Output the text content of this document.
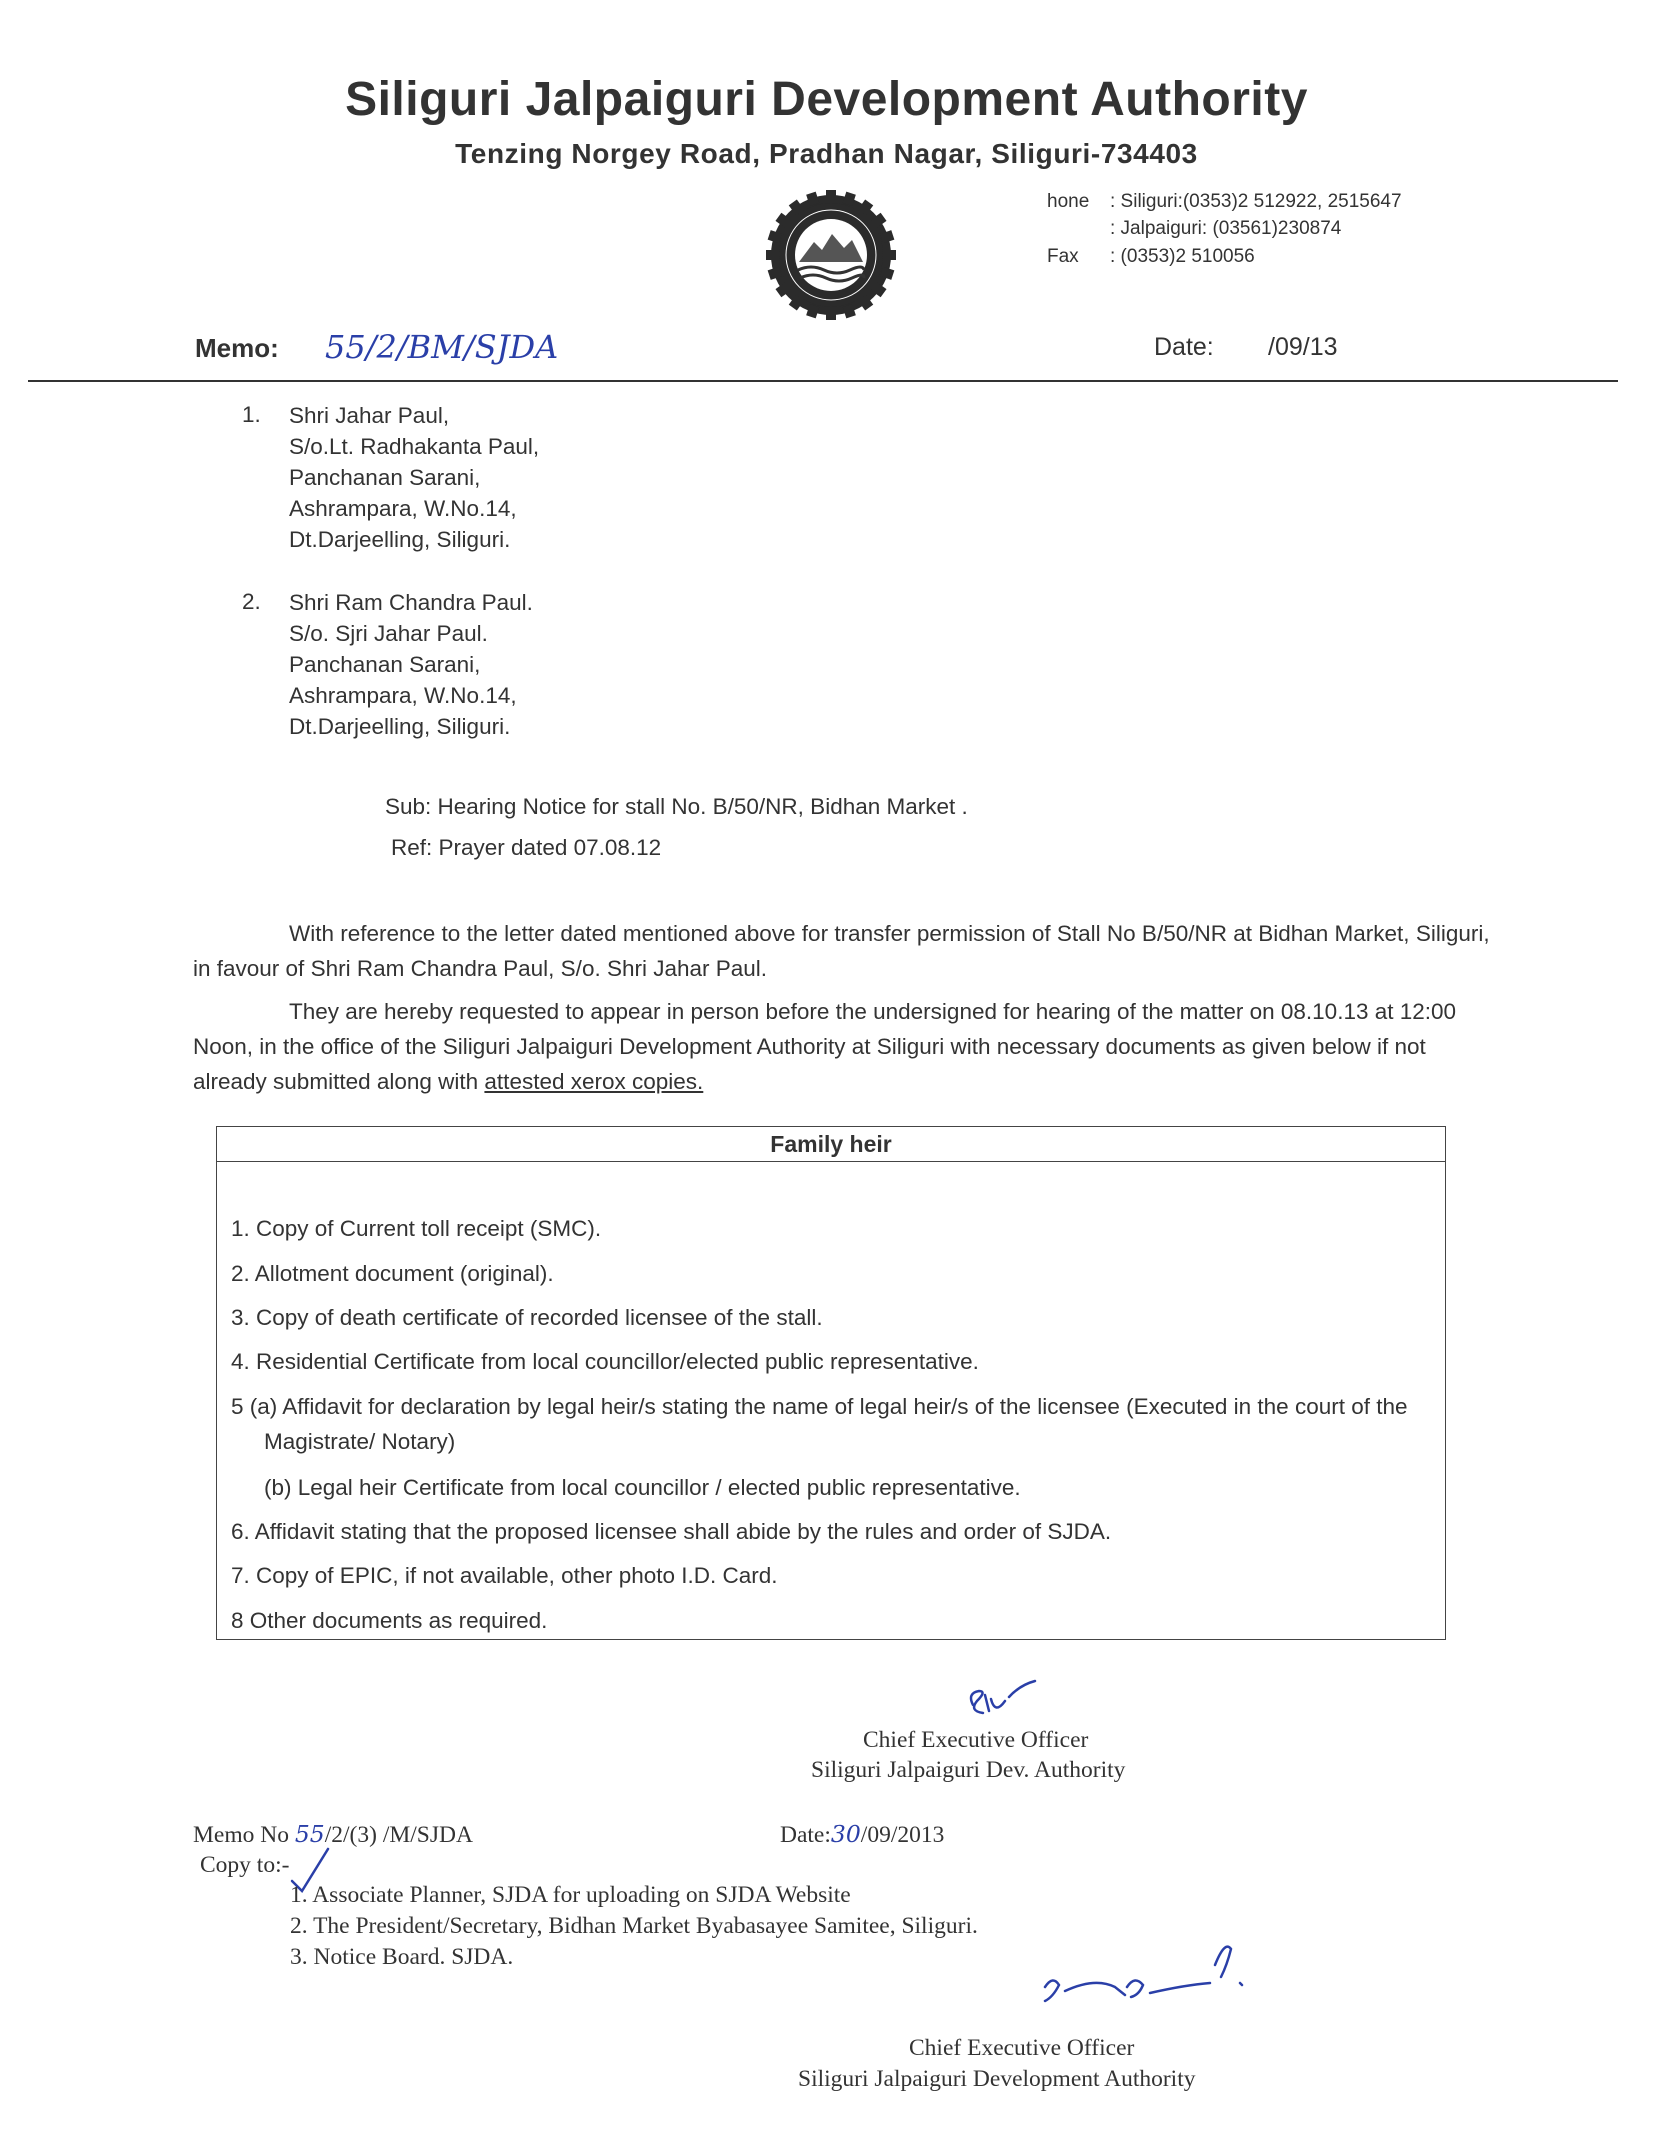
Siliguri Jalpaiguri Development Authority
Tenzing Norgey Road, Pradhan Nagar, Siliguri-734403
hone : Siliguri:(0353)2 512922, 2515647
: Jalpaiguri: (03561)230874
Fax : (0353)2 510056
Memo: 55/2/BM/SJDA	Date: /09/13
1. Shri Jahar Paul,
S/o.Lt. Radhakanta Paul,
Panchanan Sarani,
Ashrampara, W.No.14,
Dt.Darjeelling, Siliguri.
2. Shri Ram Chandra Paul.
S/o. Sjri Jahar Paul.
Panchanan Sarani,
Ashrampara, W.No.14,
Dt.Darjeelling, Siliguri.
Sub: Hearing Notice for stall No. B/50/NR, Bidhan Market .
Ref: Prayer dated 07.08.12
With reference to the letter dated mentioned above for transfer permission of Stall No B/50/NR at Bidhan Market, Siliguri, in favour of Shri Ram Chandra Paul, S/o. Shri Jahar Paul.
They are hereby requested to appear in person before the undersigned for hearing of the matter on 08.10.13 at 12:00 Noon, in the office of the Siliguri Jalpaiguri Development Authority at Siliguri with necessary documents as given below if not already submitted along with attested xerox copies.
Family heir
1. Copy of Current toll receipt (SMC).
2. Allotment document (original).
3. Copy of death certificate of recorded licensee of the stall.
4. Residential Certificate from local councillor/elected public representative.
5 (a) Affidavit for declaration by legal heir/s stating the name of legal heir/s of the licensee (Executed in the court of the
Magistrate/ Notary)
(b) Legal heir Certificate from local councillor / elected public representative.
6. Affidavit stating that the proposed licensee shall abide by the rules and order of SJDA.
7. Copy of EPIC, if not available, other photo I.D. Card.
8 Other documents as required.
Chief Executive Officer
Siliguri Jalpaiguri Dev. Authority
Memo No 55/2/(3) /M/SJDA	Date:30/09/2013
Copy to:-
1. Associate Planner, SJDA for uploading on SJDA Website
2. The President/Secretary, Bidhan Market Byabasayee Samitee, Siliguri.
3. Notice Board. SJDA.
Chief Executive Officer
Siliguri Jalpaiguri Development Authority
